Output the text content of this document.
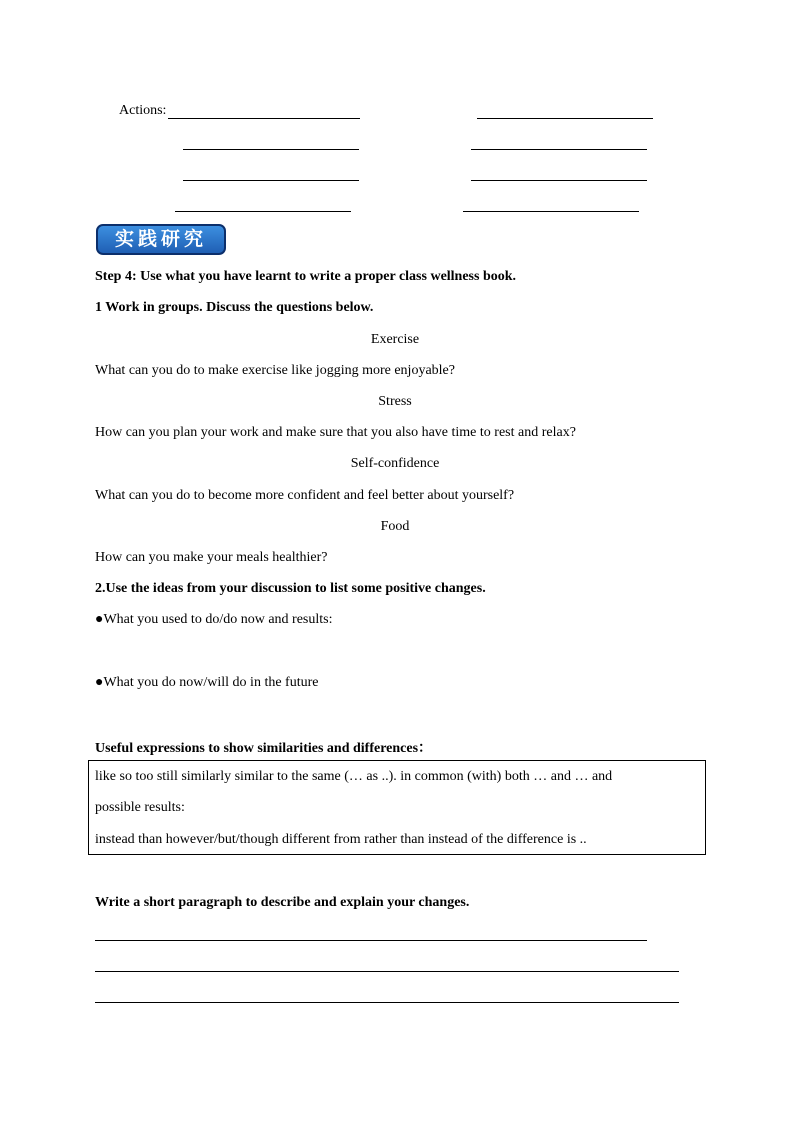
Actions:
实践研究
Step 4: Use what you have learnt to write a proper class wellness book.
1 Work in groups. Discuss the questions below.
Exercise
What can you do to make exercise like jogging more enjoyable?
Stress
How can you plan your work and make sure that you also have time to rest and relax?
Self-confidence
What can you do to become more confident and feel better about yourself?
Food
How can you make your meals healthier?
2.Use the ideas from your discussion to list some positive changes.
●What you used to do/do now and results:
●What you do now/will do in the future
Useful expressions to show similarities and differences：
like so too still similarly similar to the same (… as ..). in common (with) both … and … and
possible results:
instead than however/but/though different from rather than instead of the difference is ..
Write a short paragraph to describe and explain your changes.
